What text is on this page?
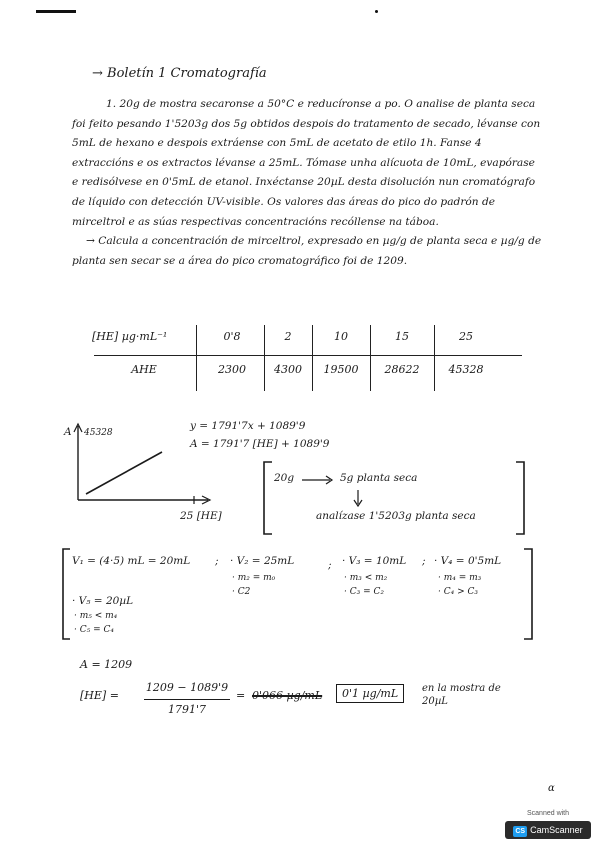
→ Boletín 1 Cromatografía

1. 20g de mostra secaronse a 50°C e reducíronse a po. O analise de planta seca foi feito pesando 1'5203g dos 5g obtidos despois do tratamento de secado, lévanse con 5mL de hexano e despois extráense con 5mL de acetato de etilo 1h. Fanse 4 extraccións e os extractos lévanse a 25mL. Tómase unha alícuota de 10mL, evapórase e redisólvese en 0'5mL de etanol. Inxéctanse 20µL desta disolución nun cromatógrafo de líquido con detección UV-visible. Os valores das áreas do pico do padrón de mirceltrol e as súas respectivas concentracións recóllense na táboa.

→ Calcula a concentración de mirceltrol, expresado en µg/g de planta seca e µg/g de planta sen secar se a área do pico cromatográfico foi de 1209.

[HE] µg·mL⁻¹	0'8	2	10	15	25
AHE	2300	4300	19500	28622	45328
A 45328
25 [HE]
y = 1791'7x + 1089'9
A = 1791'7 [HE] + 1089'9
20g	5g planta seca
analízase 1'5203g planta seca
V₁ = (4·5) mL = 20mL ; · V₂ = 25mL
· m₂ = m₀
· C2
; · V₃ = 10mL
· m₃ < m₂
· C₃ = C₂
; · V₄ = 0'5mL
· m₄ = m₃
· C₄ > C₃
· V₅ = 20µL
· m₅ < m₄
· C₅ = C₄
A = 1209
[HE] =
1209 − 1089'9
1791'7
= 0'066 µg/mL	0'1 µg/mL	en la mostra de 20µL
ɑ
Scanned with
CS CamScanner
